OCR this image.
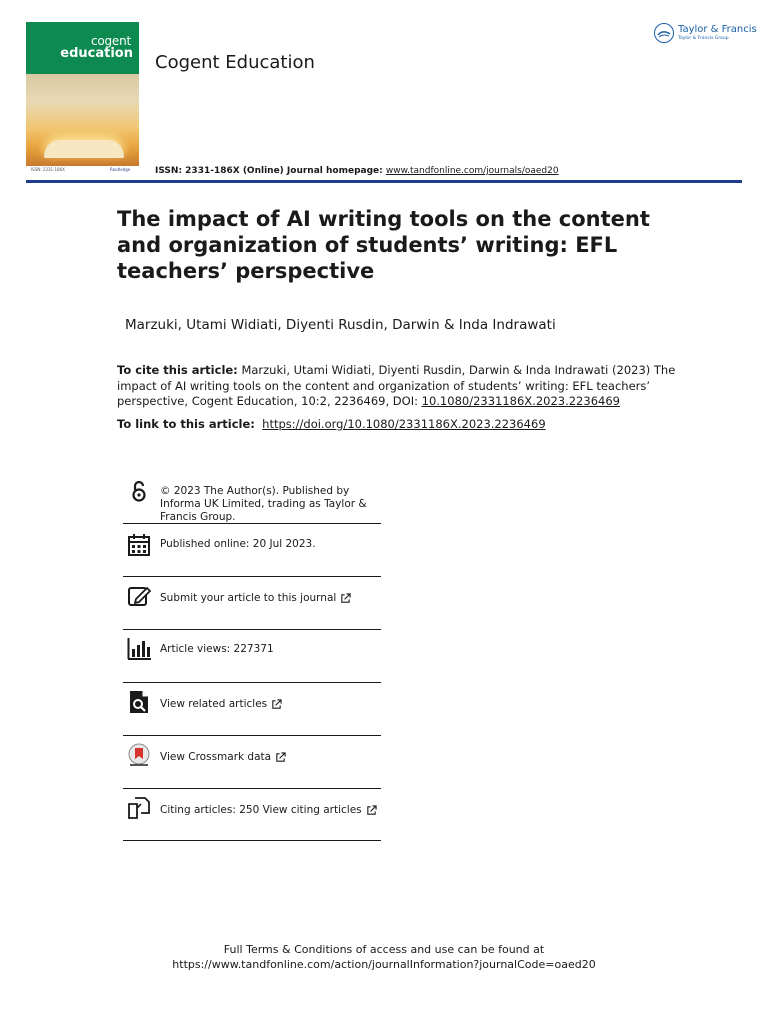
cogent
education
ISSN: 2331-186X	Routledge
Cogent Education
Taylor & Francis
Taylor & Francis Group
ISSN: 2331-186X (Online) Journal homepage: www.tandfonline.com/journals/oaed20
The impact of AI writing tools on the content and organization of students’ writing: EFL teachers’ perspective
Marzuki, Utami Widiati, Diyenti Rusdin, Darwin & Inda Indrawati
To cite this article: Marzuki, Utami Widiati, Diyenti Rusdin, Darwin & Inda Indrawati (2023) The impact of AI writing tools on the content and organization of students’ writing: EFL teachers’ perspective, Cogent Education, 10:2, 2236469, DOI: 10.1080/2331186X.2023.2236469
To link to this article: https://doi.org/10.1080/2331186X.2023.2236469
© 2023 The Author(s). Published by Informa UK Limited, trading as Taylor & Francis Group.
Published online: 20 Jul 2023.
Submit your article to this journal
Article views: 227371
View related articles
View Crossmark data
Citing articles: 250 View citing articles
Full Terms & Conditions of access and use can be found at
https://www.tandfonline.com/action/journalInformation?journalCode=oaed20
